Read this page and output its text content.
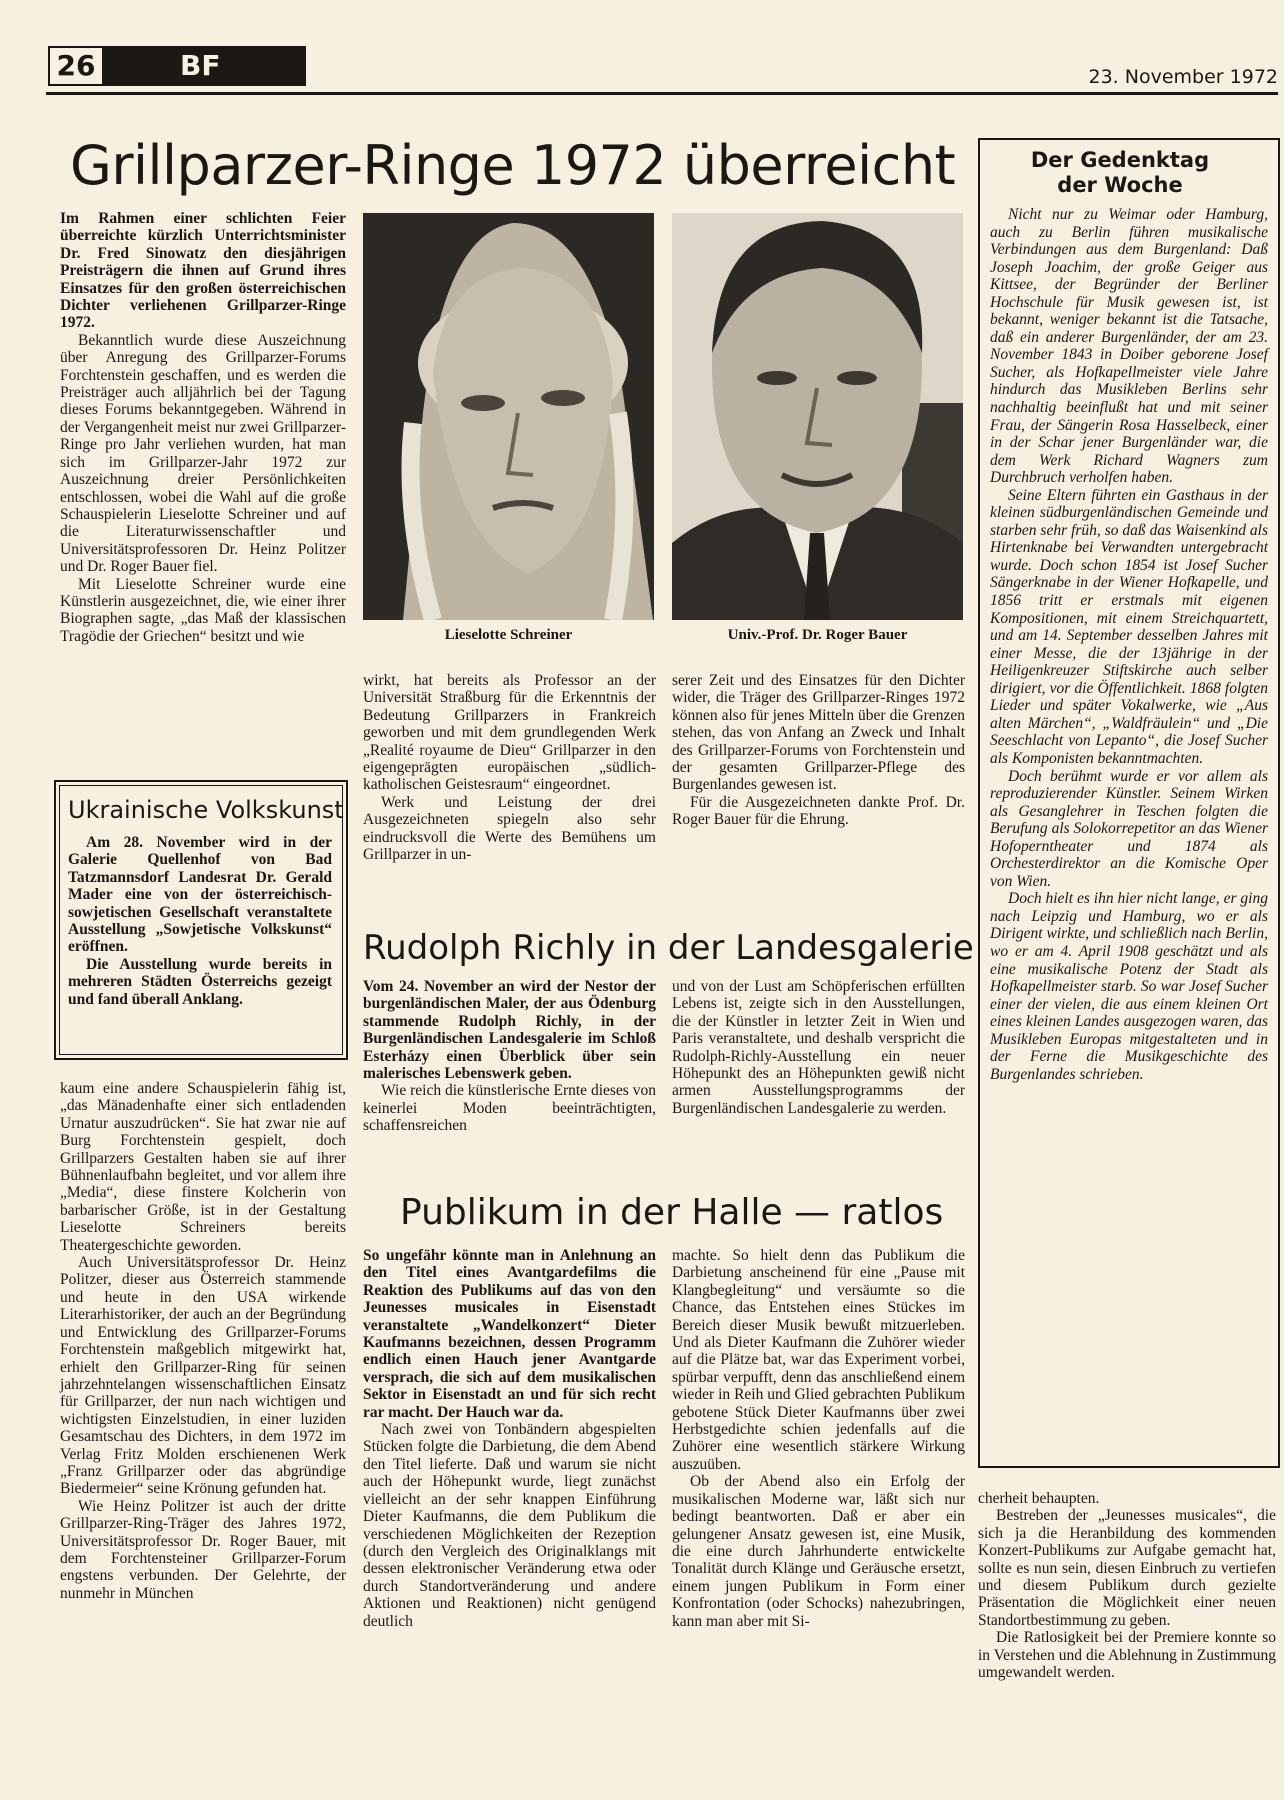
26	BF	23. November 1972
Grillparzer-Ringe 1972 überreicht

Im Rahmen einer schlichten Feier überreichte kürzlich Unterrichtsminister Dr. Fred Sinowatz den diesjährigen Preisträgern die ihnen auf Grund ihres Einsatzes für den großen österreichischen Dichter verliehenen Grillparzer-Ringe 1972.

Bekanntlich wurde diese Auszeichnung über Anregung des Grillparzer-Forums Forchtenstein geschaffen, und es werden die Preisträger auch alljährlich bei der Tagung dieses Forums bekanntgegeben. Während in der Vergangenheit meist nur zwei Grillparzer-Ringe pro Jahr verliehen wurden, hat man sich im Grillparzer-Jahr 1972 zur Auszeichnung dreier Persönlichkeiten entschlossen, wobei die Wahl auf die große Schauspielerin Lieselotte Schreiner und auf die Literaturwissenschaftler und Universitätsprofessoren Dr. Heinz Politzer und Dr. Roger Bauer fiel.

Mit Lieselotte Schreiner wurde eine Künstlerin ausgezeichnet, die, wie einer ihrer Biographen sagte, „das Maß der klassischen Tragödie der Griechen“ besitzt und wie

Ukrainische Volkskunst

Am 28. November wird in der Galerie Quellenhof von Bad Tatzmannsdorf Landesrat Dr. Gerald Mader eine von der österreichisch-sowjetischen Gesellschaft veranstaltete Ausstellung „Sowjetische Volkskunst“ eröffnen.

Die Ausstellung wurde bereits in mehreren Städten Österreichs gezeigt und fand überall Anklang.

kaum eine andere Schauspielerin fähig ist, „das Mänadenhafte einer sich entladenden Urnatur auszudrücken“. Sie hat zwar nie auf Burg Forchtenstein gespielt, doch Grillparzers Gestalten haben sie auf ihrer Bühnenlaufbahn begleitet, und vor allem ihre „Media“, diese finstere Kolcherin von barbarischer Größe, ist in der Gestaltung Lieselotte Schreiners bereits Theatergeschichte geworden.

Auch Universitätsprofessor Dr. Heinz Politzer, dieser aus Österreich stammende und heute in den USA wirkende Literarhistoriker, der auch an der Begründung und Entwicklung des Grillparzer-Forums Forchtenstein maßgeblich mitgewirkt hat, erhielt den Grillparzer-Ring für seinen jahrzehntelangen wissenschaftlichen Einsatz für Grillparzer, der nun nach wichtigen und wichtigsten Einzelstudien, in einer luziden Gesamtschau des Dichters, in dem 1972 im Verlag Fritz Molden erschienenen Werk „Franz Grillparzer oder das abgründige Biedermeier“ seine Krönung gefunden hat.

Wie Heinz Politzer ist auch der dritte Grillparzer-Ring-Träger des Jahres 1972, Universitätsprofessor Dr. Roger Bauer, mit dem Forchtensteiner Grillparzer-Forum engstens verbunden. Der Gelehrte, der nunmehr in München

Lieselotte Schreiner	Univ.-Prof. Dr. Roger Bauer

wirkt, hat bereits als Professor an der Universität Straßburg für die Erkenntnis der Bedeutung Grillparzers in Frankreich geworben und mit dem grundlegenden Werk „Realité royaume de Dieu“ Grillparzer in den eigengeprägten europäischen „südlich-katholischen Geistesraum“ eingeordnet.

Werk und Leistung der drei Ausgezeichneten spiegeln also sehr eindrucksvoll die Werte des Bemühens um Grillparzer in un-

serer Zeit und des Einsatzes für den Dichter wider, die Träger des Grillparzer-Ringes 1972 können also für jenes Mitteln über die Grenzen stehen, das von Anfang an Zweck und Inhalt des Grillparzer-Forums von Forchtenstein und der gesamten Grillparzer-Pflege des Burgenlandes gewesen ist.

Für die Ausgezeichneten dankte Prof. Dr. Roger Bauer für die Ehrung.

Rudolph Richly in der Landesgalerie

Vom 24. November an wird der Nestor der burgenländischen Maler, der aus Ödenburg stammende Rudolph Richly, in der Burgenländischen Landesgalerie im Schloß Esterházy einen Überblick über sein malerisches Lebenswerk geben.

Wie reich die künstlerische Ernte dieses von keinerlei Moden beeinträchtigten, schaffensreichen

und von der Lust am Schöpferischen erfüllten Lebens ist, zeigte sich in den Ausstellungen, die der Künstler in letzter Zeit in Wien und Paris veranstaltete, und deshalb verspricht die Rudolph-Richly-Ausstellung ein neuer Höhepunkt des an Höhepunkten gewiß nicht armen Ausstellungsprogramms der Burgenländischen Landesgalerie zu werden.

Publikum in der Halle — ratlos

So ungefähr könnte man in Anlehnung an den Titel eines Avantgardefilms die Reaktion des Publikums auf das von den Jeunesses musicales in Eisenstadt veranstaltete „Wandelkonzert“ Dieter Kaufmanns bezeichnen, dessen Programm endlich einen Hauch jener Avantgarde versprach, die sich auf dem musikalischen Sektor in Eisenstadt an und für sich recht rar macht. Der Hauch war da.

Nach zwei von Tonbändern abgespielten Stücken folgte die Darbietung, die dem Abend den Titel lieferte. Daß und warum sie nicht auch der Höhepunkt wurde, liegt zunächst vielleicht an der sehr knappen Einführung Dieter Kaufmanns, die dem Publikum die verschiedenen Möglichkeiten der Rezeption (durch den Vergleich des Originalklangs mit dessen elektronischer Veränderung etwa oder durch Standortveränderung und andere Aktionen und Reaktionen) nicht genügend deutlich

machte. So hielt denn das Publikum die Darbietung anscheinend für eine „Pause mit Klangbegleitung“ und versäumte so die Chance, das Entstehen eines Stückes im Bereich dieser Musik bewußt mitzuerleben. Und als Dieter Kaufmann die Zuhörer wieder auf die Plätze bat, war das Experiment vorbei, spürbar verpufft, denn das anschließend einem wieder in Reih und Glied gebrachten Publikum gebotene Stück Dieter Kaufmanns über zwei Herbstgedichte schien jedenfalls auf die Zuhörer eine wesentlich stärkere Wirkung auszuüben.

Ob der Abend also ein Erfolg der musikalischen Moderne war, läßt sich nur bedingt beantworten. Daß er aber ein gelungener Ansatz gewesen ist, eine Musik, die eine durch Jahrhunderte entwickelte Tonalität durch Klänge und Geräusche ersetzt, einem jungen Publikum in Form einer Konfrontation (oder Schocks) nahezubringen, kann man aber mit Si-

cherheit behaupten.

Bestreben der „Jeunesses musicales“, die sich ja die Heranbildung des kommenden Konzert-Publikums zur Aufgabe gemacht hat, sollte es nun sein, diesen Einbruch zu vertiefen und diesem Publikum durch gezielte Präsentation die Möglichkeit einer neuen Standortbestimmung zu geben.

Die Ratlosigkeit bei der Premiere konnte so in Verstehen und die Ablehnung in Zustimmung umgewandelt werden.

Der Gedenktag der Woche

Nicht nur zu Weimar oder Hamburg, auch zu Berlin führen musikalische Verbindungen aus dem Burgenland: Daß Joseph Joachim, der große Geiger aus Kittsee, der Begründer der Berliner Hochschule für Musik gewesen ist, ist bekannt, weniger bekannt ist die Tatsache, daß ein anderer Burgenländer, der am 23. November 1843 in Doiber geborene Josef Sucher, als Hofkapellmeister viele Jahre hindurch das Musikleben Berlins sehr nachhaltig beeinflußt hat und mit seiner Frau, der Sängerin Rosa Hasselbeck, einer in der Schar jener Burgenländer war, die dem Werk Richard Wagners zum Durchbruch verholfen haben.

Seine Eltern führten ein Gasthaus in der kleinen südburgenländischen Gemeinde und starben sehr früh, so daß das Waisenkind als Hirtenknabe bei Verwandten untergebracht wurde. Doch schon 1854 ist Josef Sucher Sängerknabe in der Wiener Hofkapelle, und 1856 tritt er erstmals mit eigenen Kompositionen, mit einem Streichquartett, und am 14. September desselben Jahres mit einer Messe, die der 13jährige in der Heiligenkreuzer Stiftskirche auch selber dirigiert, vor die Öffentlichkeit. 1868 folgten Lieder und später Vokalwerke, wie „Aus alten Märchen“, „Waldfräulein“ und „Die Seeschlacht von Lepanto“, die Josef Sucher als Komponisten bekanntmachten.

Doch berühmt wurde er vor allem als reproduzierender Künstler. Seinem Wirken als Gesanglehrer in Teschen folgten die Berufung als Solokorrepetitor an das Wiener Hofoperntheater und 1874 als Orchesterdirektor an die Komische Oper von Wien.

Doch hielt es ihn hier nicht lange, er ging nach Leipzig und Hamburg, wo er als Dirigent wirkte, und schließlich nach Berlin, wo er am 4. April 1908 geschätzt und als eine musikalische Potenz der Stadt als Hofkapellmeister starb. So war Josef Sucher einer der vielen, die aus einem kleinen Ort eines kleinen Landes ausgezogen waren, das Musikleben Europas mitgestalteten und in der Ferne die Musikgeschichte des Burgenlandes schrieben.
